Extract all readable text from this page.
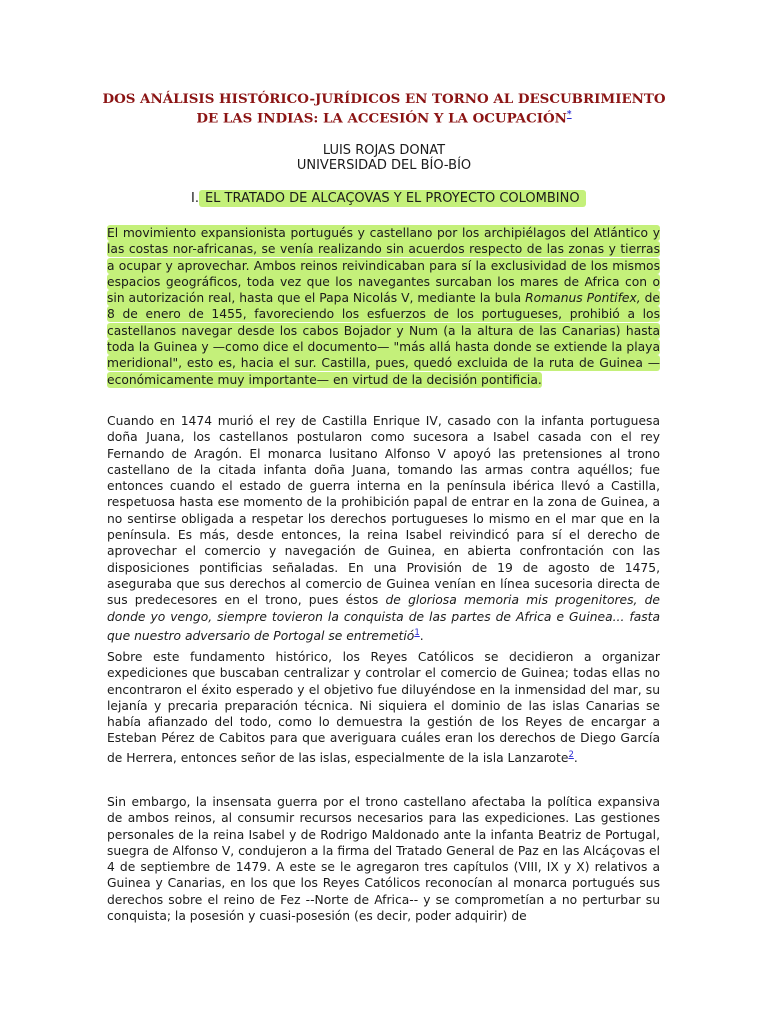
DOS ANÁLISIS HISTÓRICO-JURÍDICOS EN TORNO AL DESCUBRIMIENTO DE LAS INDIAS: LA ACCESIÓN Y LA OCUPACIÓN*
LUIS ROJAS DONAT
UNIVERSIDAD DEL BÍO-BÍO
I. EL TRATADO DE ALCAÇOVAS Y EL PROYECTO COLOMBINO
El movimiento expansionista portugués y castellano por los archipiélagos del Atlántico y las costas nor-africanas, se venía realizando sin acuerdos respecto de las zonas y tierras a ocupar y aprovechar. Ambos reinos reivindicaban para sí la exclusividad de los mismos espacios geográficos, toda vez que los navegantes surcaban los mares de Africa con o sin autorización real, hasta que el Papa Nicolás V, mediante la bula Romanus Pontifex, de 8 de enero de 1455, favoreciendo los esfuerzos de los portugueses, prohibió a los castellanos navegar desde los cabos Bojador y Num (a la altura de las Canarias) hasta toda la Guinea y —como dice el documento— "más allá hasta donde se extiende la playa meridional", esto es, hacia el sur. Castilla, pues, quedó excluida de la ruta de Guinea —económicamente muy importante— en virtud de la decisión pontificia.
Cuando en 1474 murió el rey de Castilla Enrique IV, casado con la infanta portuguesa doña Juana, los castellanos postularon como sucesora a Isabel casada con el rey Fernando de Aragón. El monarca lusitano Alfonso V apoyó las pretensiones al trono castellano de la citada infanta doña Juana, tomando las armas contra aquéllos; fue entonces cuando el estado de guerra interna en la península ibérica llevó a Castilla, respetuosa hasta ese momento de la prohibición papal de entrar en la zona de Guinea, a no sentirse obligada a respetar los derechos portugueses lo mismo en el mar que en la península. Es más, desde entonces, la reina Isabel reivindicó para sí el derecho de aprovechar el comercio y navegación de Guinea, en abierta confrontación con las disposiciones pontificias señaladas. En una Provisión de 19 de agosto de 1475, aseguraba que sus derechos al comercio de Guinea venían en línea sucesoria directa de sus predecesores en el trono, pues éstos de gloriosa memoria mis progenitores, de donde yo vengo, siempre tovieron la conquista de las partes de Africa e Guinea... fasta que nuestro adversario de Portogal se entremetió$^1$.
Sobre este fundamento histórico, los Reyes Católicos se decidieron a organizar expediciones que buscaban centralizar y controlar el comercio de Guinea; todas ellas no encontraron el éxito esperado y el objetivo fue diluyéndose en la inmensidad del mar, su lejanía y precaria preparación técnica. Ni siquiera el dominio de las islas Canarias se había afianzado del todo, como lo demuestra la gestión de los Reyes de encargar a Esteban Pérez de Cabitos para que averiguara cuáles eran los derechos de Diego García de Herrera, entonces señor de las islas, especialmente de la isla Lanzarote$^2$.
Sin embargo, la insensata guerra por el trono castellano afectaba la política expansiva de ambos reinos, al consumir recursos necesarios para las expediciones. Las gestiones personales de la reina Isabel y de Rodrigo Maldonado ante la infanta Beatriz de Portugal, suegra de Alfonso V, condujeron a la firma del Tratado General de Paz en las Alcáçovas el 4 de septiembre de 1479. A este se le agregaron tres capítulos (VIII, IX y X) relativos a Guinea y Canarias, en los que los Reyes Católicos reconocían al monarca portugués sus derechos sobre el reino de Fez --Norte de Africa-- y se comprometían a no perturbar su conquista; la posesión y cuasi-posesión (es decir, poder adquirir) de
